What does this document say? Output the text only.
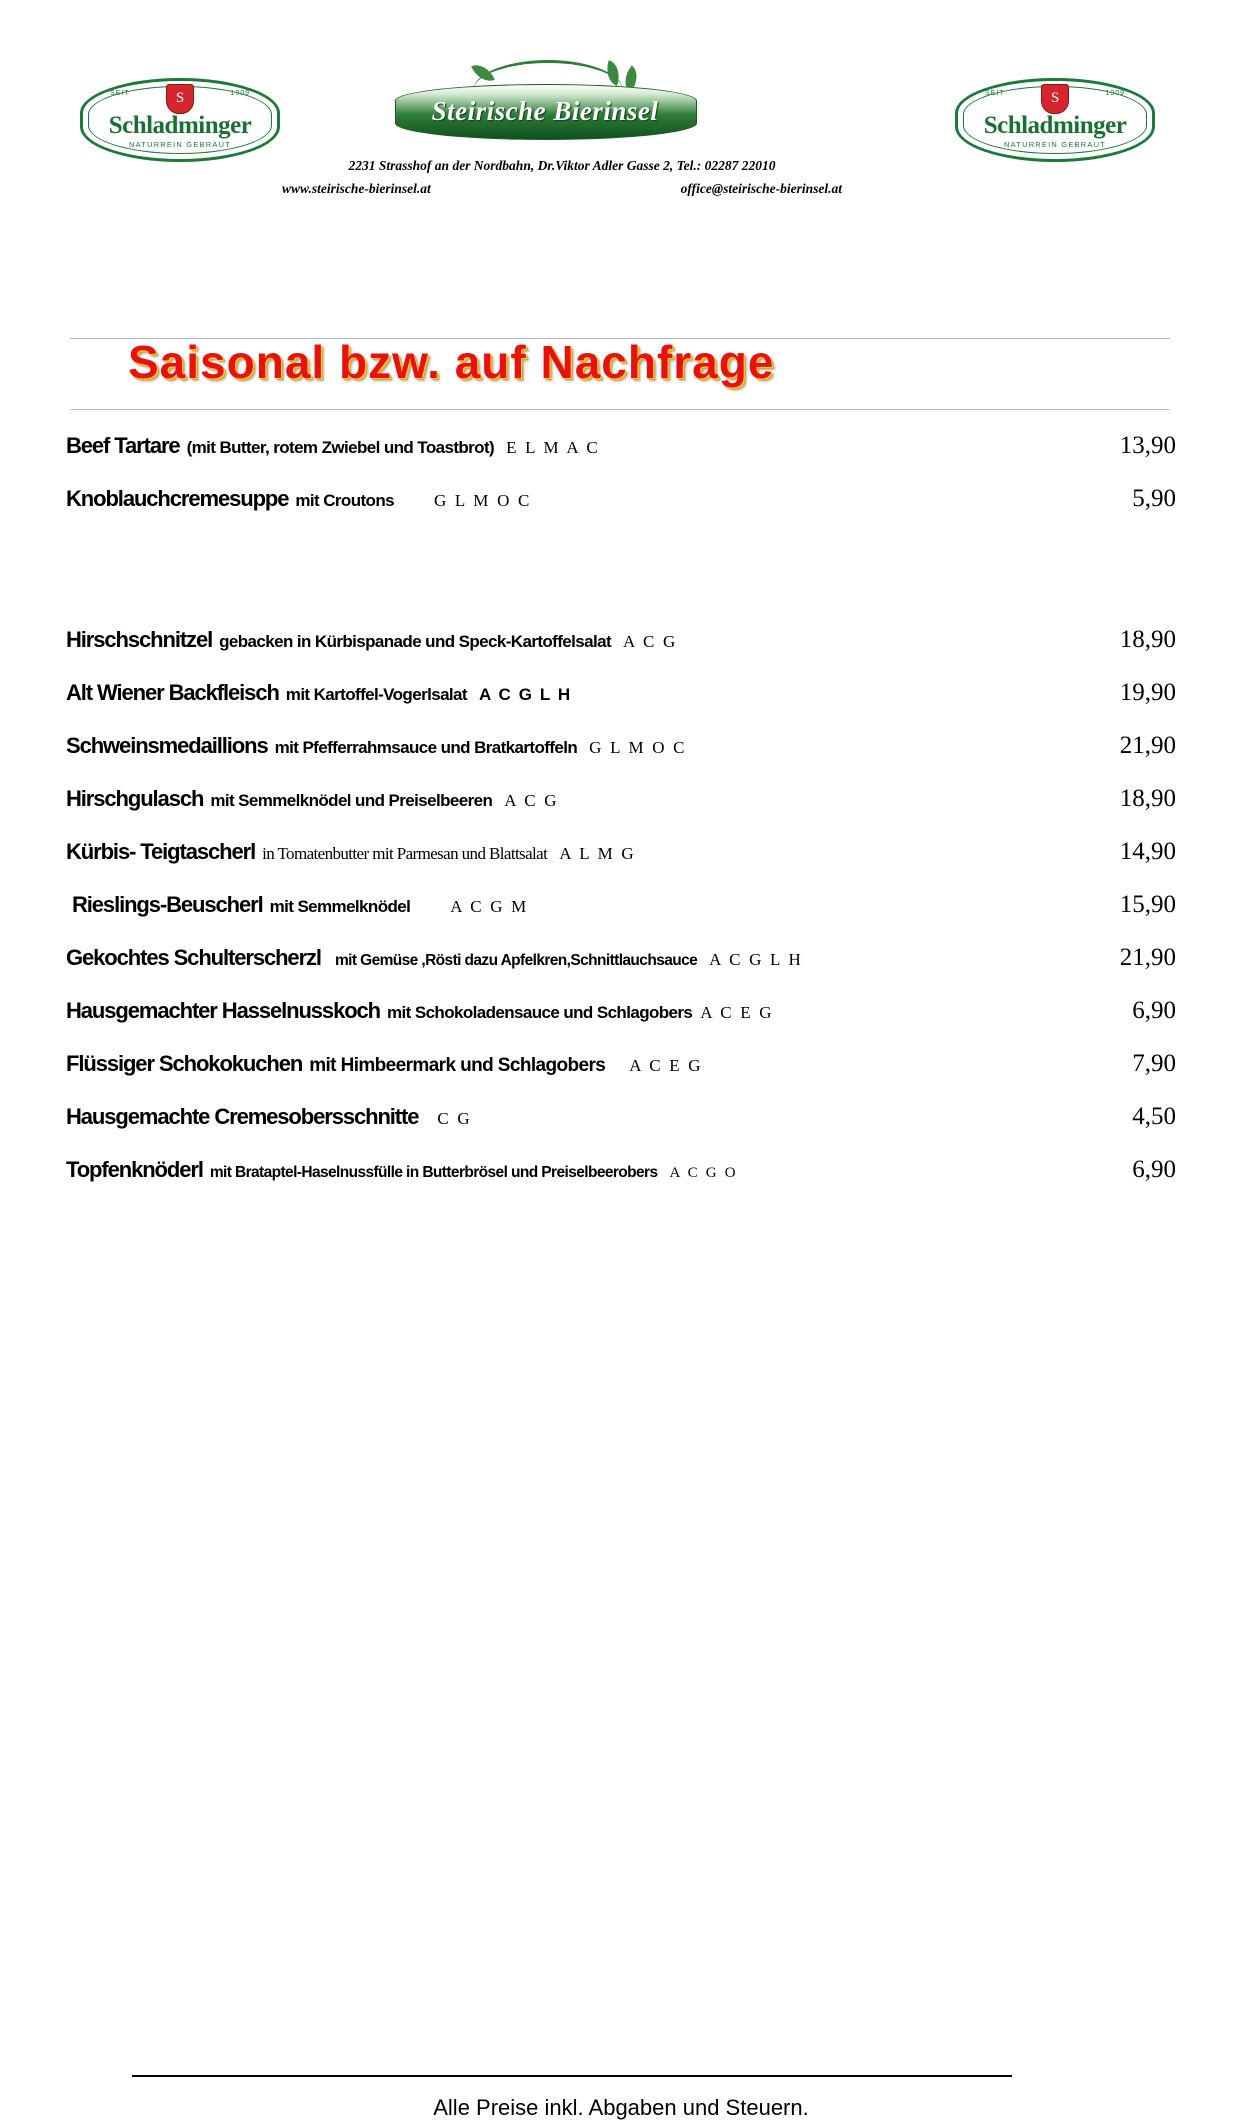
SEIT	1909
S
Schladminger
NATURREIN GEBRAUT
Steirische Bierinsel
SEIT	1909
S
Schladminger
NATURREIN GEBRAUT
2231 Strasshof an der Nordbahn, Dr.Viktor Adler Gasse 2, Tel.: 02287 22010
www.steirische-bierinsel.at	office@steirische-bierinsel.at
Saisonal bzw. auf Nachfrage
Beef Tartare (mit Butter, rotem Zwiebel und Toastbrot) E L M A C	13,90
Knoblauchcremesuppe mit Croutons G L M O C	5,90
Hirschschnitzel gebacken in Kürbispanade und Speck-Kartoffelsalat A C G	18,90
Alt Wiener Backfleisch mit Kartoffel-Vogerlsalat A C G L H	19,90
Schweinsmedaillions mit Pfefferrahmsauce und Bratkartoffeln G L M O C	21,90
Hirschgulasch mit Semmelknödel und Preiselbeeren A C G	18,90
Kürbis- Teigtascherl in Tomatenbutter mit Parmesan und Blattsalat A L M G	14,90
Rieslings-Beuscherl mit Semmelknödel A C G M	15,90
Gekochtes Schulterscherzl mit Gemüse ,Rösti dazu Apfelkren,Schnittlauchsauce A C G L H	21,90
Hausgemachter Hasselnusskoch mit Schokoladensauce und Schlagobers A C E G	6,90
Flüssiger Schokokuchen mit Himbeermark und Schlagobers A C E G	7,90
Hausgemachte Cremesobersschnitte C G	4,50
Topfenknöderl mit Brataptel-Haselnussfülle in Butterbrösel und Preiselbeerobers A C G O	6,90
Alle Preise inkl. Abgaben und Steuern.
